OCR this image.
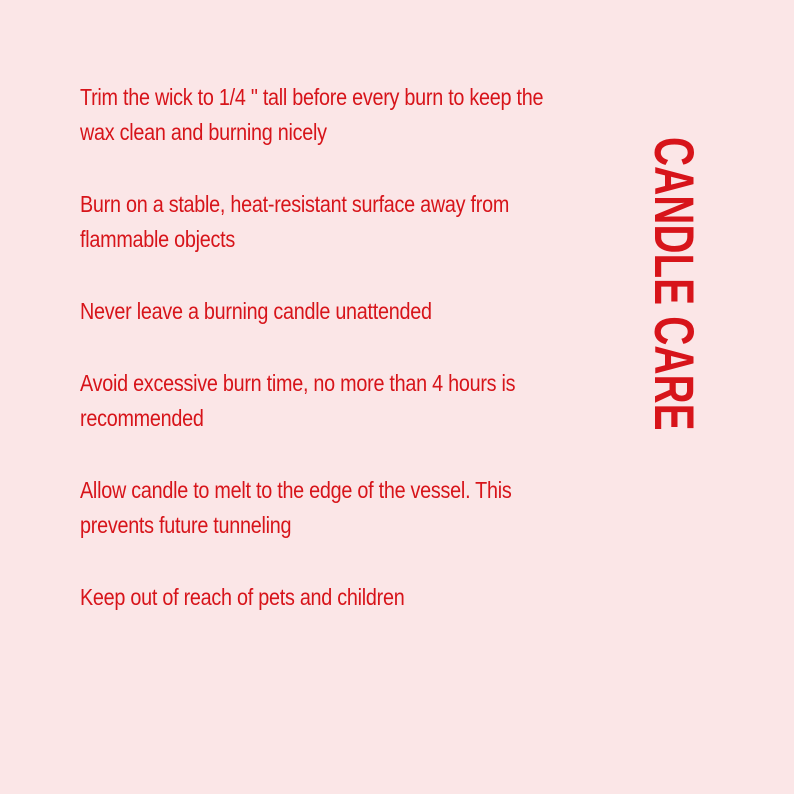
Trim the wick to 1/4 " tall before every burn to keep the wax clean and burning nicely
Burn on a stable, heat-resistant surface away from flammable objects
Never leave a burning candle unattended
Avoid excessive burn time, no more than 4 hours is recommended
Allow candle to melt to the edge of the vessel. This prevents future tunneling
Keep out of reach of pets and children
CANDLE CARE
